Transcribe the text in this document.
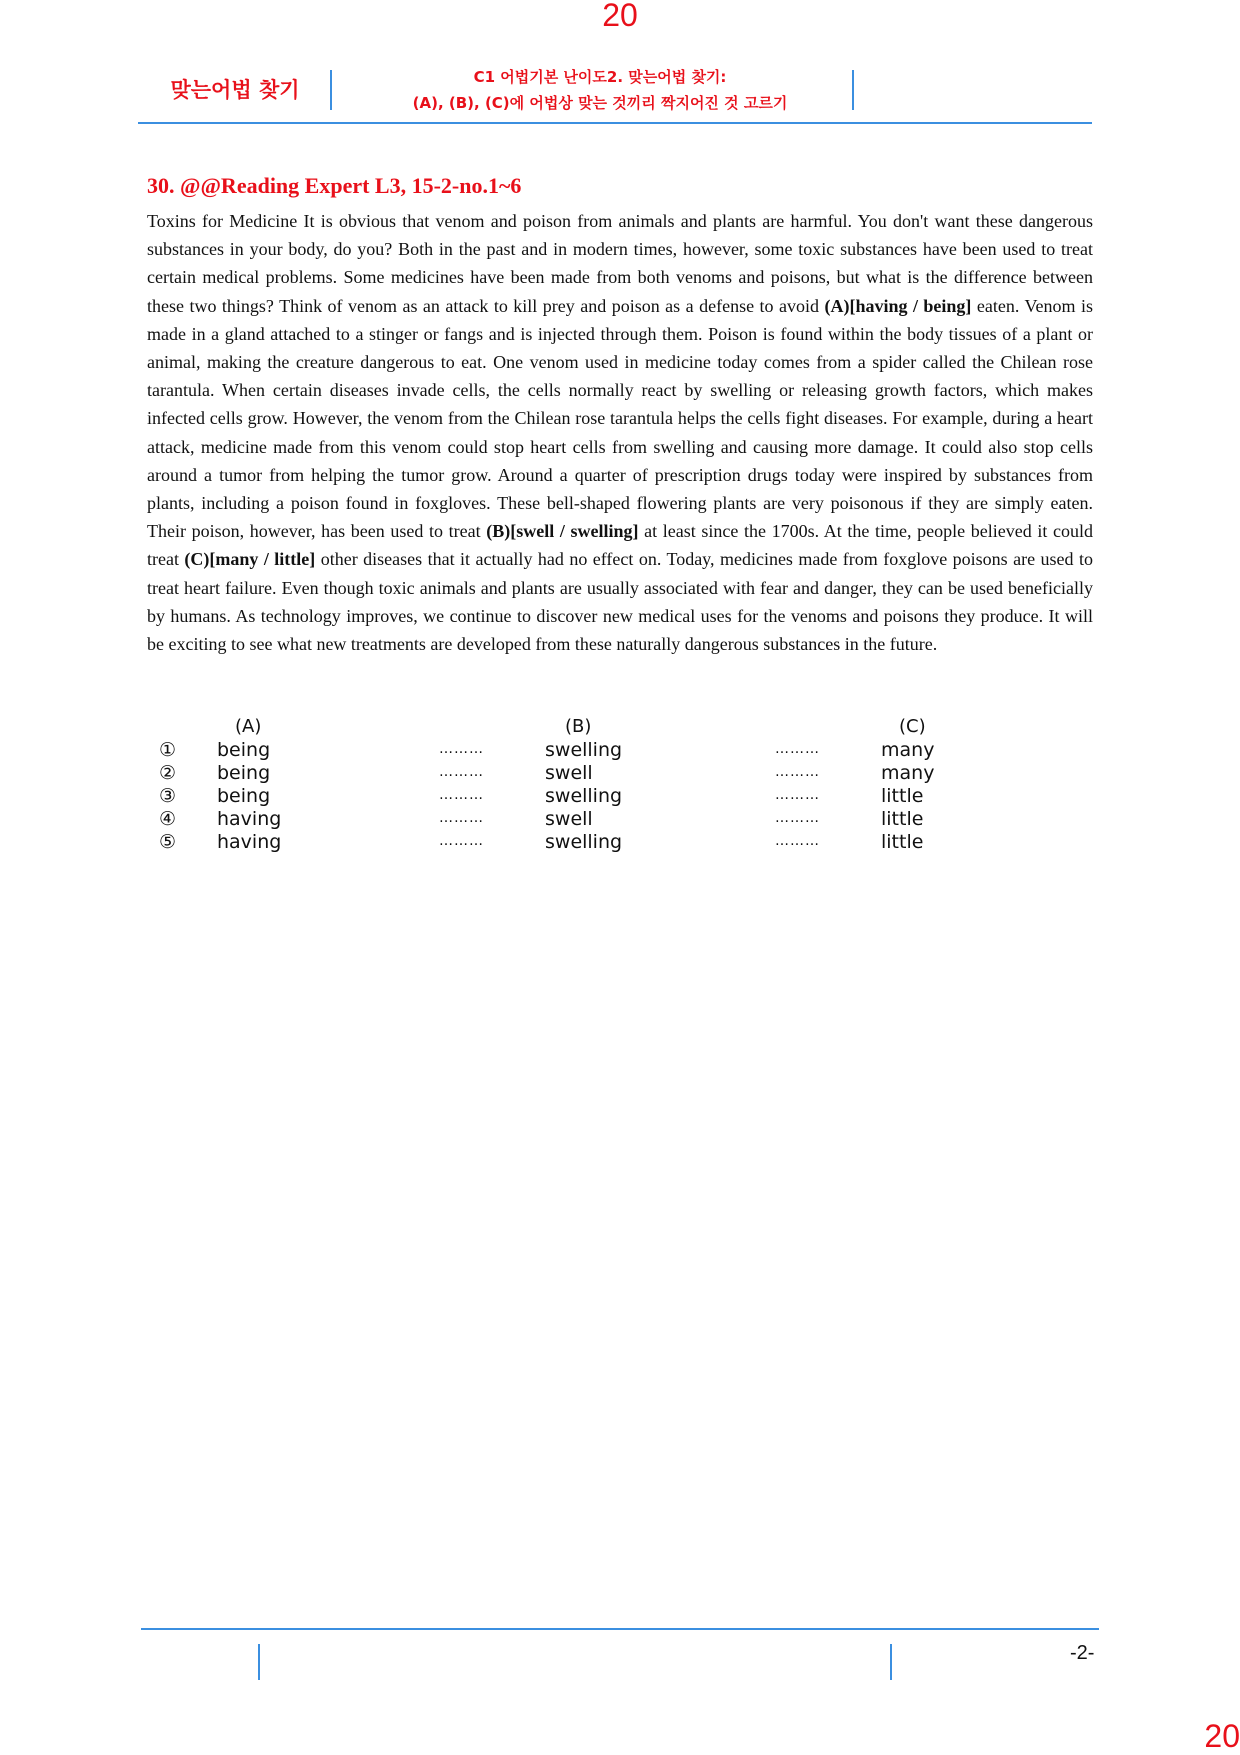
20
맞는어법 찾기
C1 어법기본 난이도2. 맞는어법 찾기:
(A), (B), (C)에 어법상 맞는 것끼리 짝지어진 것 고르기
30. @@Reading Expert L3, 15-2-no.1~6
Toxins for Medicine It is obvious that venom and poison from animals and plants are harmful. You don't want these dangerous substances in your body, do you? Both in the past and in modern times, however, some toxic substances have been used to treat certain medical problems. Some medicines have been made from both venoms and poisons, but what is the difference between these two things? Think of venom as an attack to kill prey and poison as a defense to avoid (A)[having / being] eaten. Venom is made in a gland attached to a stinger or fangs and is injected through them. Poison is found within the body tissues of a plant or animal, making the creature dangerous to eat. One venom used in medicine today comes from a spider called the Chilean rose tarantula. When certain diseases invade cells, the cells normally react by swelling or releasing growth factors, which makes infected cells grow. However, the venom from the Chilean rose tarantula helps the cells fight diseases. For example, during a heart attack, medicine made from this venom could stop heart cells from swelling and causing more damage. It could also stop cells around a tumor from helping the tumor grow. Around a quarter of prescription drugs today were inspired by substances from plants, including a poison found in foxgloves. These bell-shaped flowering plants are very poisonous if they are simply eaten. Their poison, however, has been used to treat (B)[swell / swelling] at least since the 1700s. At the time, people believed it could treat (C)[many / little] other diseases that it actually had no effect on. Today, medicines made from foxglove poisons are used to treat heart failure. Even though toxic animals and plants are usually associated with fear and danger, they can be used beneficially by humans. As technology improves, we continue to discover new medical uses for the venoms and poisons they produce. It will be exciting to see what new treatments are developed from these naturally dangerous substances in the future.
(A)	(B)	(C)
① being	………	swelling	………	many
② being	………	swell	………	many
③ being	………	swelling	………	little
④ having	………	swell	………	little
⑤ having	………	swelling	………	little
-2-
20
